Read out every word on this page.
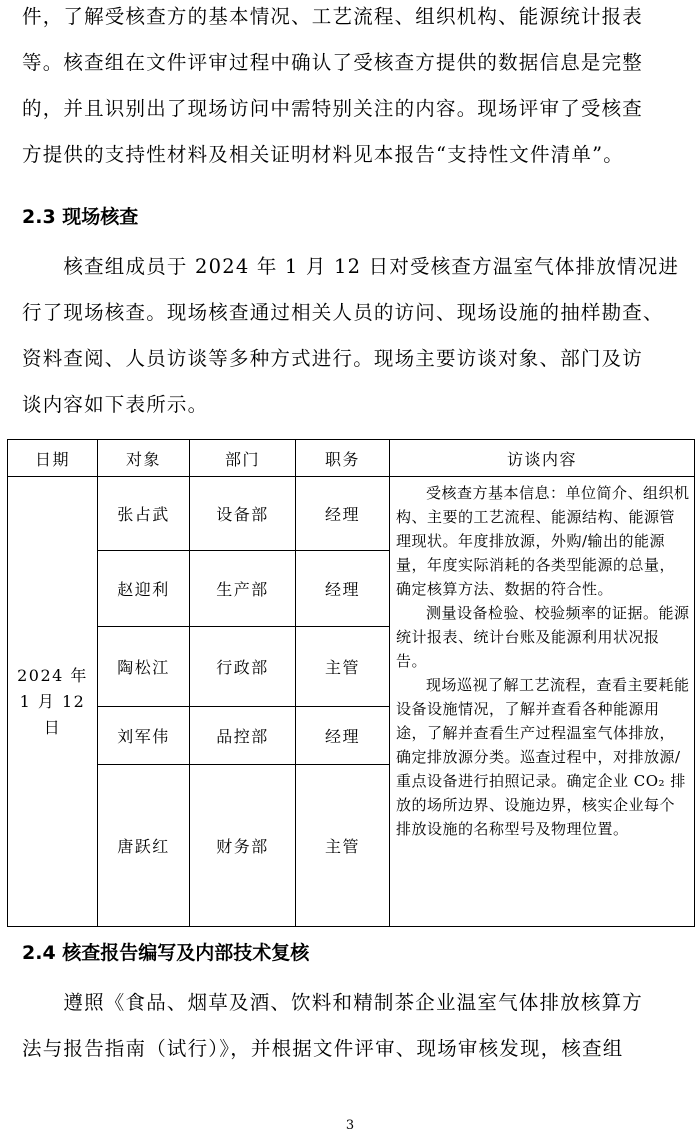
件，了解受核查方的基本情况、工艺流程、组织机构、能源统计报表
等。核查组在文件评审过程中确认了受核查方提供的数据信息是完整
的，并且识别出了现场访问中需特别关注的内容。现场评审了受核查
方提供的支持性材料及相关证明材料见本报告“支持性文件清单”。
2.3 现场核查
　　核查组成员于 2024 年 1 月 12 日对受核查方温室气体排放情况进
行了现场核查。现场核查通过相关人员的访问、现场设施的抽样勘查、
资料查阅、人员访谈等多种方式进行。现场主要访谈对象、部门及访
谈内容如下表所示。
日期	对象	部门	职务	访谈内容
2024 年 1 月 12 日	张占武	设备部	经理	受核查方基本信息：单位简介、组织机构、主要的工艺流程、能源结构、能源管理现状。年度排放源，外购/输出的能源量，年度实际消耗的各类型能源的总量，确定核算方法、数据的符合性。

测量设备检验、校验频率的证据。能源统计报表、统计台账及能源利用状况报告。

现场巡视了解工艺流程，查看主要耗能设备设施情况，了解并查看各种能源用途，了解并查看生产过程温室气体排放，确定排放源分类。巡查过程中，对排放源/重点设备进行拍照记录。确定企业 CO₂ 排放的场所边界、设施边界，核实企业每个排放设施的名称型号及物理位置。

	赵迎利	生产部	经理	
	陶松江	行政部	主管	
	刘军伟	品控部	经理	
	唐跃红	财务部	主管	
2.4 核查报告编写及内部技术复核
　　遵照《食品、烟草及酒、饮料和精制茶企业温室气体排放核算方
法与报告指南（试行）》，并根据文件评审、现场审核发现，核查组
3
